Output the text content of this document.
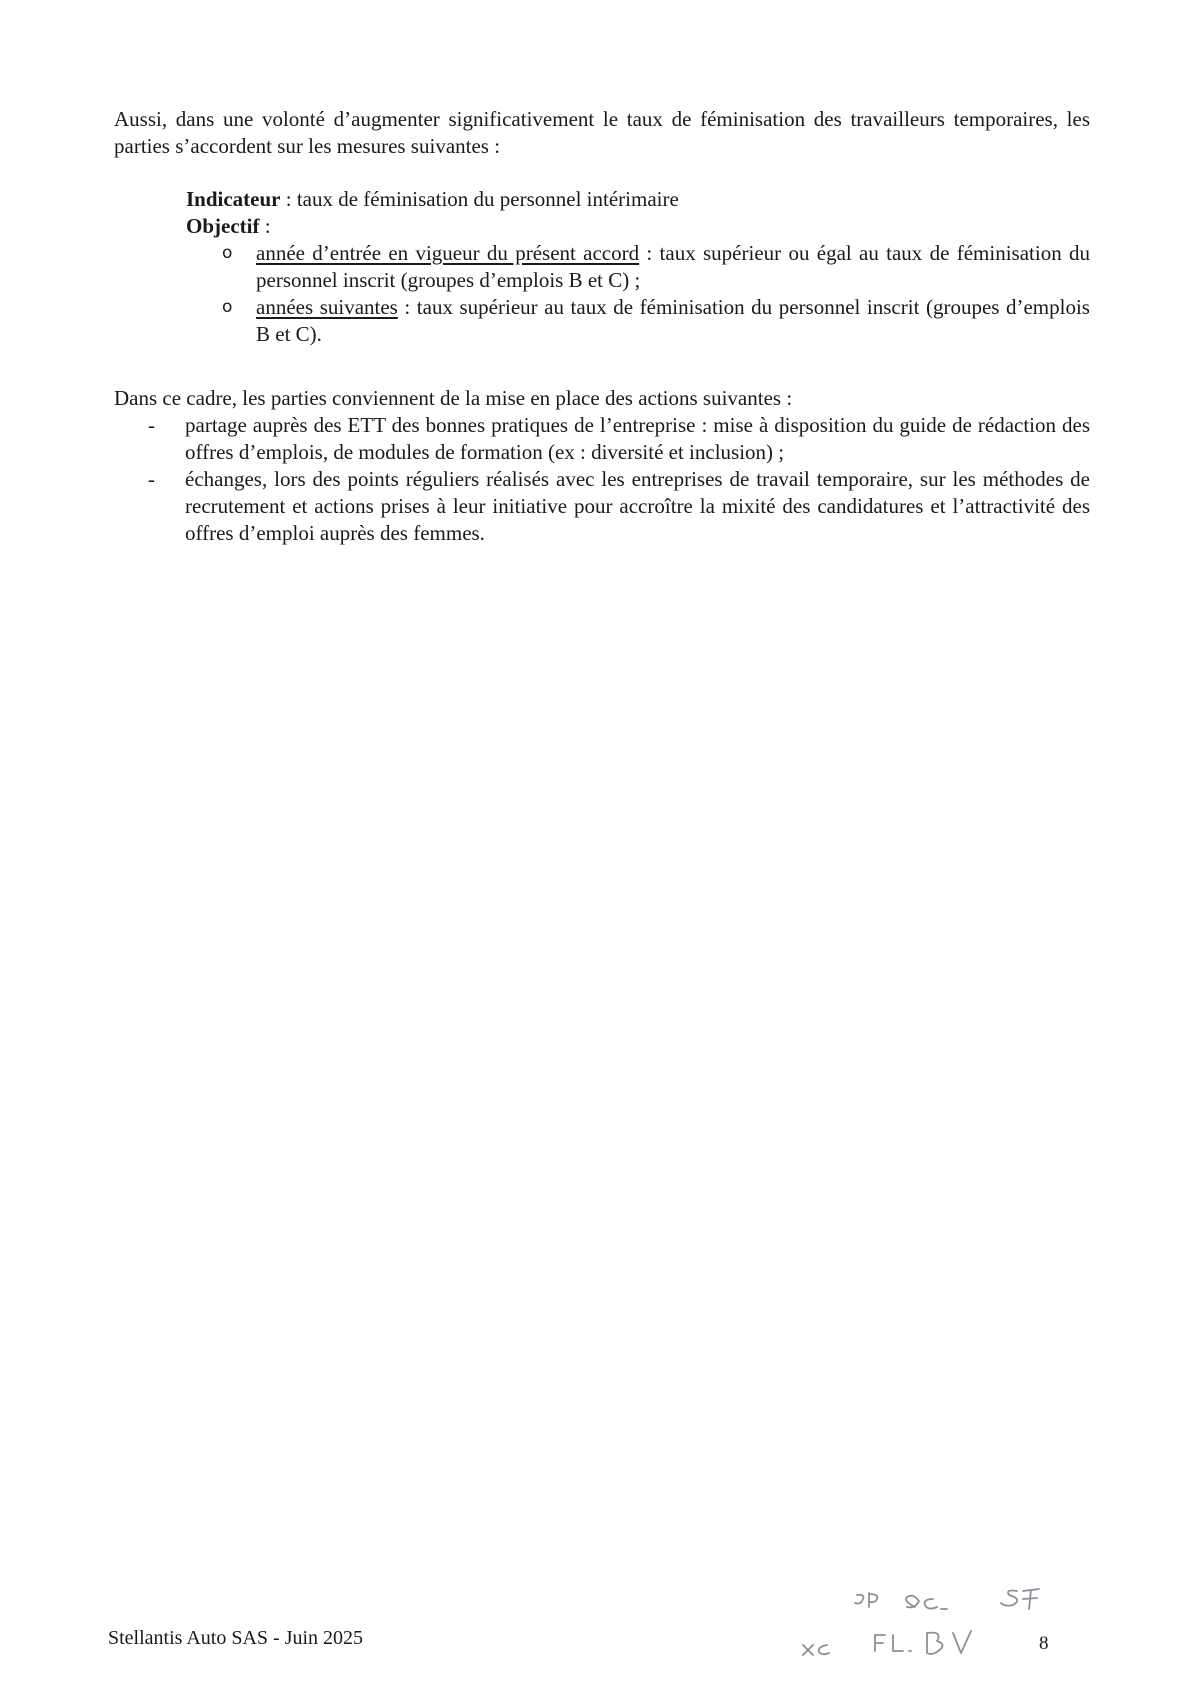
Aussi, dans une volonté d’augmenter significativement le taux de féminisation des travailleurs temporaires, les parties s’accordent sur les mesures suivantes :

Indicateur : taux de féminisation du personnel intérimaire
Objectif :
o	année d’entrée en vigueur du présent accord : taux supérieur ou égal au taux de féminisation du personnel inscrit (groupes d’emplois B et C) ;
o	années suivantes : taux supérieur au taux de féminisation du personnel inscrit (groupes d’emplois B et C).
Dans ce cadre, les parties conviennent de la mise en place des actions suivantes :
- partage auprès des ETT des bonnes pratiques de l’entreprise : mise à disposition du guide de rédaction des offres d’emplois, de modules de formation (ex : diversité et inclusion) ;
- échanges, lors des points réguliers réalisés avec les entreprises de travail temporaire, sur les méthodes de recrutement et actions prises à leur initiative pour accroître la mixité des candidatures et l’attractivité des offres d’emploi auprès des femmes.
Stellantis Auto SAS - Juin 2025	8
